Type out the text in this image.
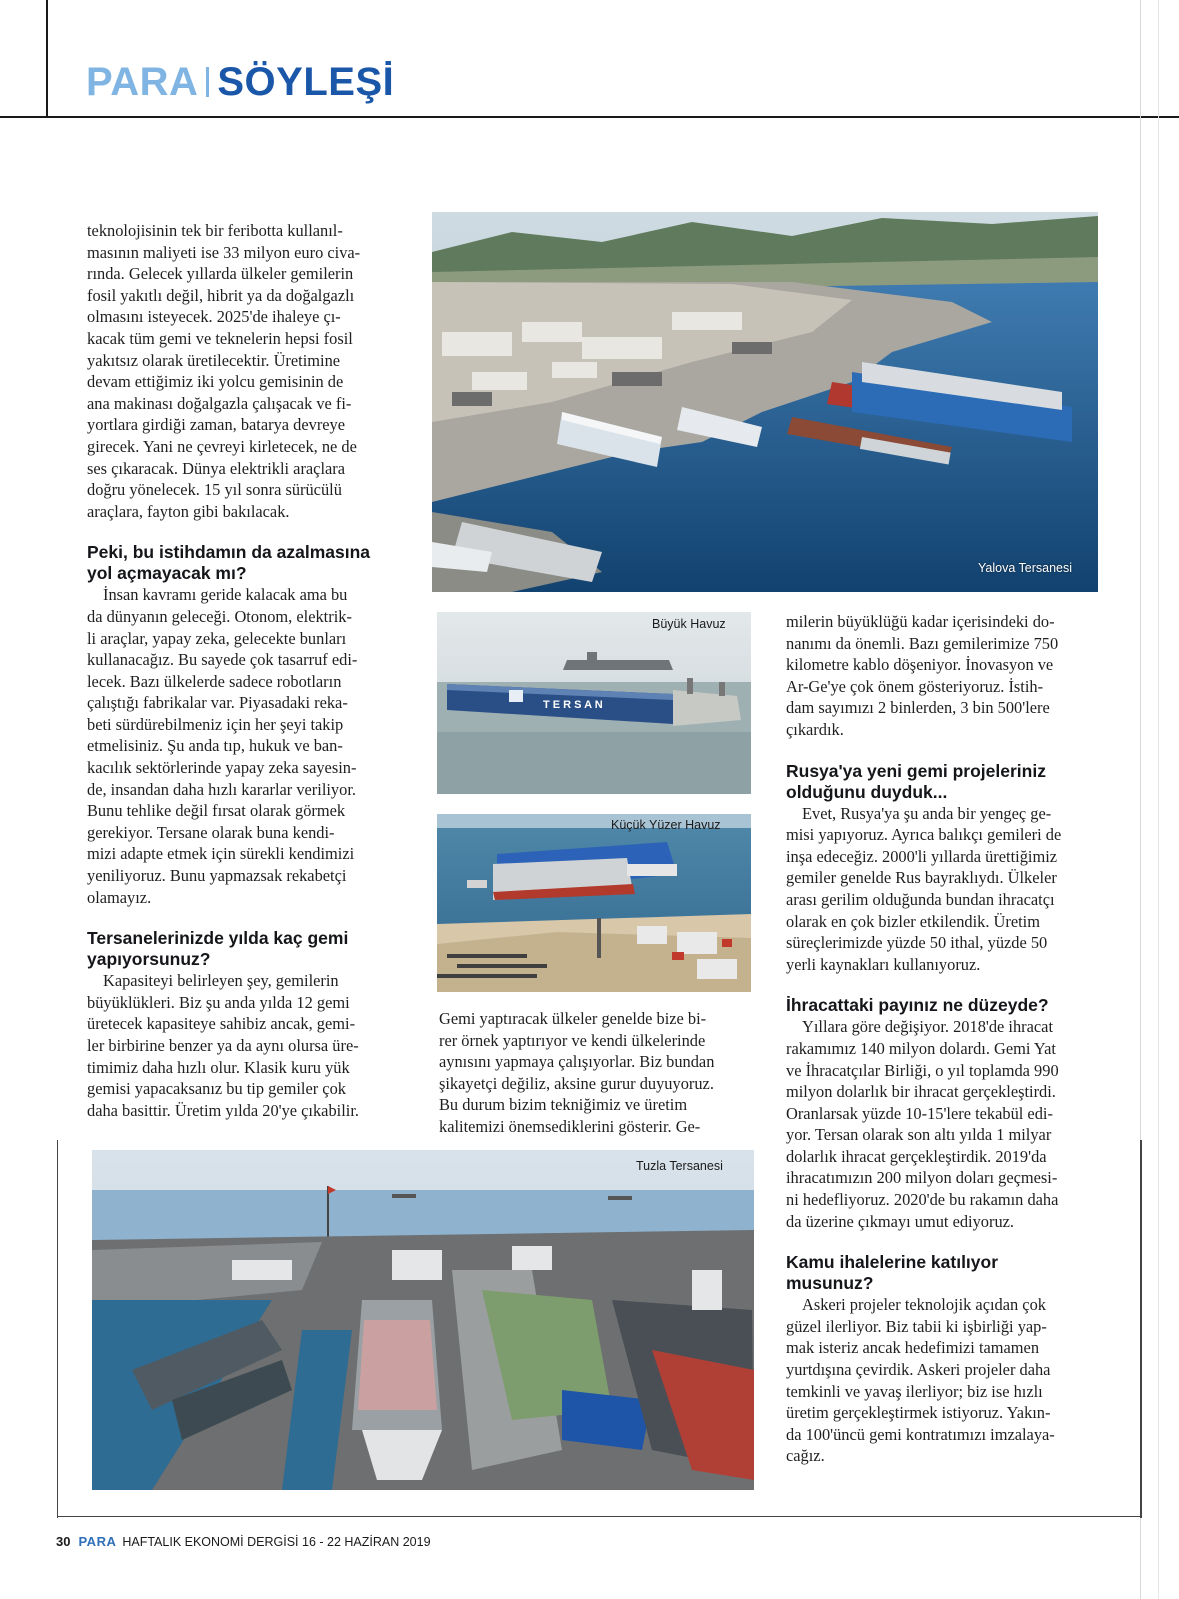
PARA SÖYLEŞİ

teknolojisinin tek bir feribotta kullanıl-
masının maliyeti ise 33 milyon euro civa-
rında. Gelecek yıllarda ülkeler gemilerin
fosil yakıtlı değil, hibrit ya da doğalgazlı
olmasını isteyecek. 2025'de ihaleye çı-
kacak tüm gemi ve teknelerin hepsi fosil
yakıtsız olarak üretilecektir. Üretimine
devam ettiğimiz iki yolcu gemisinin de
ana makinası doğalgazla çalışacak ve fi-
yortlara girdiği zaman, batarya devreye
girecek. Yani ne çevreyi kirletecek, ne de
ses çıkaracak. Dünya elektrikli araçlara
doğru yönelecek. 15 yıl sonra sürücülü
araçlara, fayton gibi bakılacak.

Peki, bu istihdamın da azalmasına
yol açmayacak mı?

İnsan kavramı geride kalacak ama bu
da dünyanın geleceği. Otonom, elektrik-
li araçlar, yapay zeka, gelecekte bunları
kullanacağız. Bu sayede çok tasarruf edi-
lecek. Bazı ülkelerde sadece robotların
çalıştığı fabrikalar var. Piyasadaki reka-
beti sürdürebilmeniz için her şeyi takip
etmelisiniz. Şu anda tıp, hukuk ve ban-
kacılık sektörlerinde yapay zeka sayesin-
de, insandan daha hızlı kararlar veriliyor.
Bunu tehlike değil fırsat olarak görmek
gerekiyor. Tersane olarak buna kendi-
mizi adapte etmek için sürekli kendimizi
yeniliyoruz. Bunu yapmazsak rekabetçi
olamayız.

Tersanelerinizde yılda kaç gemi
yapıyorsunuz?

Kapasiteyi belirleyen şey, gemilerin
büyüklükleri. Biz şu anda yılda 12 gemi
üretecek kapasiteye sahibiz ancak, gemi-
ler birbirine benzer ya da aynı olursa üre-
timimiz daha hızlı olur. Klasik kuru yük
gemisi yapacaksanız bu tip gemiler çok
daha basittir. Üretim yılda 20'ye çıkabilir.

Gemi yaptıracak ülkeler genelde bize bi-
rer örnek yaptırıyor ve kendi ülkelerinde
aynısını yapmaya çalışıyorlar. Biz bundan
şikayetçi değiliz, aksine gurur duyuyoruz.
Bu durum bizim tekniğimiz ve üretim
kalitemizi önemsediklerini gösterir. Ge-

milerin büyüklüğü kadar içerisindeki do-
nanımı da önemli. Bazı gemilerimize 750
kilometre kablo döşeniyor. İnovasyon ve
Ar-Ge'ye çok önem gösteriyoruz. İstih-
dam sayımızı 2 binlerden, 3 bin 500'lere
çıkardık.

Rusya'ya yeni gemi projeleriniz
olduğunu duyduk...

Evet, Rusya'ya şu anda bir yengeç ge-
misi yapıyoruz. Ayrıca balıkçı gemileri de
inşa edeceğiz. 2000'li yıllarda ürettiğimiz
gemiler genelde Rus bayraklıydı. Ülkeler
arası gerilim olduğunda bundan ihracatçı
olarak en çok bizler etkilendik. Üretim
süreçlerimizde yüzde 50 ithal, yüzde 50
yerli kaynakları kullanıyoruz.

İhracattaki payınız ne düzeyde?

Yıllara göre değişiyor. 2018'de ihracat
rakamımız 140 milyon dolardı. Gemi Yat
ve İhracatçılar Birliği, o yıl toplamda 990
milyon dolarlık bir ihracat gerçekleştirdi.
Oranlarsak yüzde 10-15'lere tekabül edi-
yor. Tersan olarak son altı yılda 1 milyar
dolarlık ihracat gerçekleştirdik. 2019'da
ihracatımızın 200 milyon doları geçmesi-
ni hedefliyoruz. 2020'de bu rakamın daha
da üzerine çıkmayı umut ediyoruz.

Kamu ihalelerine katılıyor
musunuz?

Askeri projeler teknolojik açıdan çok
güzel ilerliyor. Biz tabii ki işbirliği yap-
mak isteriz ancak hedefimizi tamamen
yurtdışına çevirdik. Askeri projeler daha
temkinli ve yavaş ilerliyor; biz ise hızlı
üretim gerçekleştirmek istiyoruz. Yakın-
da 100'üncü gemi kontratımızı imzalaya-
cağız.

Yalova Tersanesi
T E R S A N
Büyük Havuz
Küçük Yüzer Havuz
Tuzla Tersanesi
30 PARA HAFTALIK EKONOMİ DERGİSİ 16 - 22 HAZİRAN 2019
